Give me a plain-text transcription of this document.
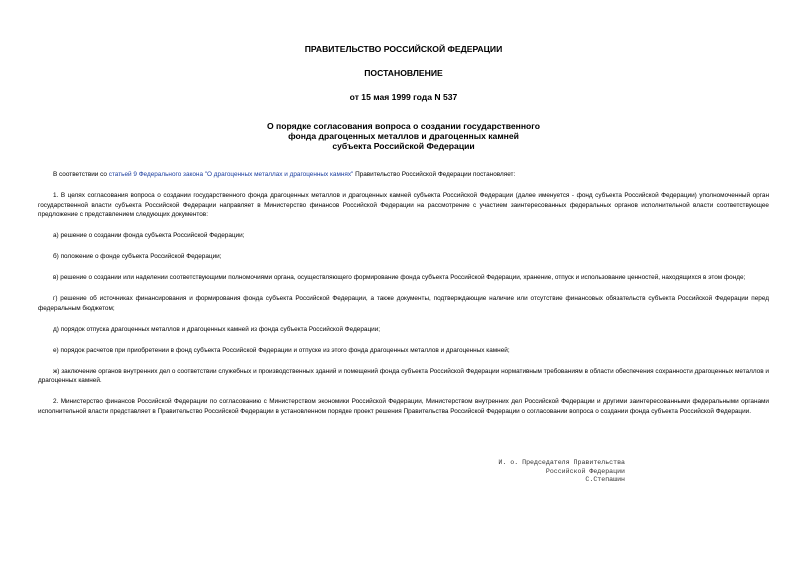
ПРАВИТЕЛЬСТВО РОССИЙСКОЙ ФЕДЕРАЦИИ

ПОСТАНОВЛЕНИЕ

от 15 мая 1999 года N 537

О порядке согласования вопроса о создании государственного
фонда драгоценных металлов и драгоценных камней
субъекта Российской Федерации

В соответствии со статьей 9 Федерального закона "О драгоценных металлах и драгоценных камнях" Правительство Российской Федерации постановляет:

1. В целях согласования вопроса о создании государственного фонда драгоценных металлов и драгоценных камней субъекта Российской Федерации (далее именуется - фонд субъекта Российской Федерации) уполномоченный орган государственной власти субъекта Российской Федерации направляет в Министерство финансов Российской Федерации на рассмотрение с участием заинтересованных федеральных органов исполнительной власти соответствующее предложение с представлением следующих документов:

а) решение о создании фонда субъекта Российской Федерации;

б) положение о фонде субъекта Российской Федерации;

в) решение о создании или наделении соответствующими полномочиями органа, осуществляющего формирование фонда субъекта Российской Федерации, хранение, отпуск и использование ценностей, находящихся в этом фонде;

г) решение об источниках финансирования и формирования фонда субъекта Российской Федерации, а также документы, подтверждающие наличие или отсутствие финансовых обязательств субъекта Российской Федерации перед федеральным бюджетом;

д) порядок отпуска драгоценных металлов и драгоценных камней из фонда субъекта Российской Федерации;

е) порядок расчетов при приобретении в фонд субъекта Российской Федерации и отпуске из этого фонда драгоценных металлов и драгоценных камней;

ж) заключение органов внутренних дел о соответствии служебных и производственных зданий и помещений фонда субъекта Российской Федерации нормативным требованиям в области обеспечения сохранности драгоценных металлов и драгоценных камней.

2. Министерство финансов Российской Федерации по согласованию с Министерством экономики Российской Федерации, Министерством внутренних дел Российской Федерации и другими заинтересованными федеральными органами исполнительной власти представляет в Правительство Российской Федерации в установленном порядке проект решения Правительства Российской Федерации о согласовании вопроса о создании фонда субъекта Российской Федерации.

И. о. Председателя Правительства
Российской Федерации
С.Степашин
